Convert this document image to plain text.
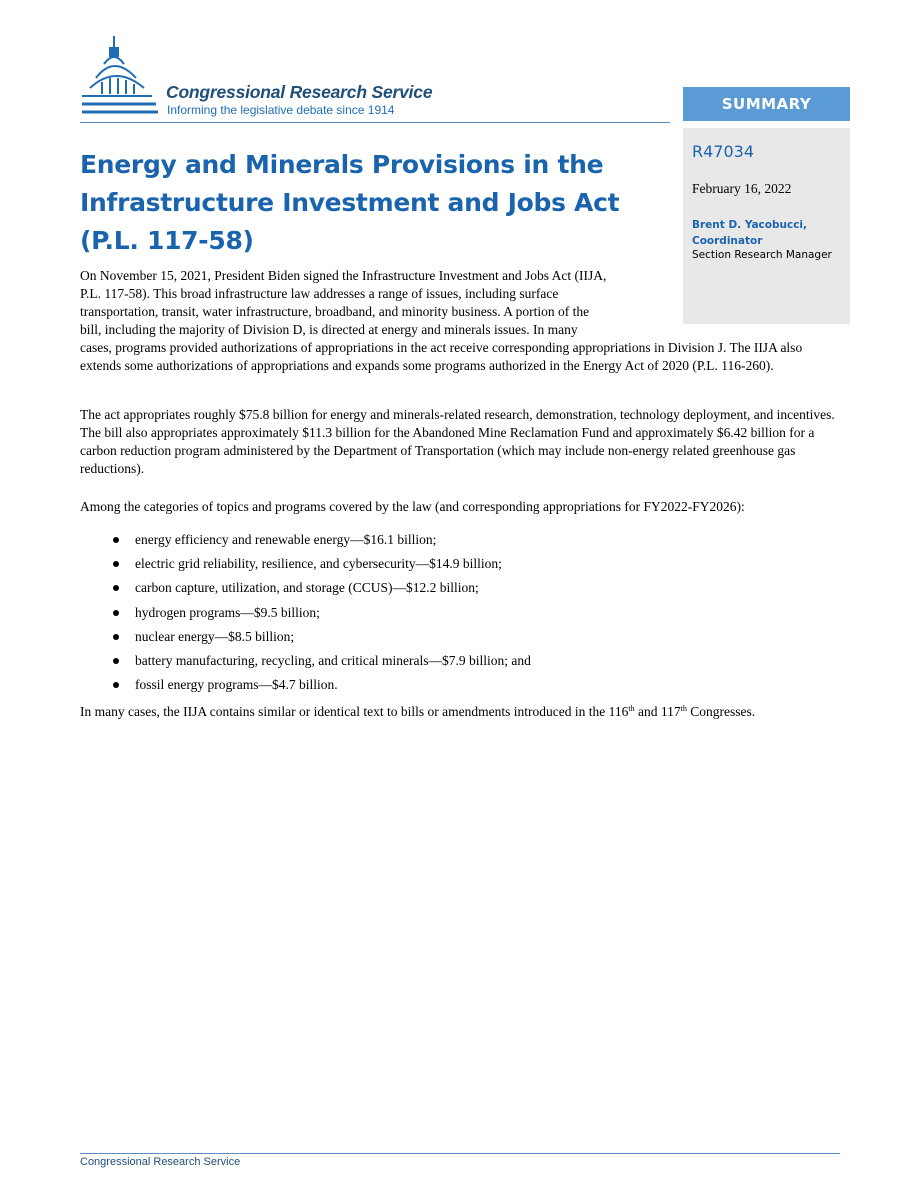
Congressional Research Service
Informing the legislative debate since 1914
Energy and Minerals Provisions in the
Infrastructure Investment and Jobs Act
(P.L. 117-58)
SUMMARY
R47034
February 16, 2022
Brent D. Yacobucci,
Coordinator
Section Research Manager
On November 15, 2021, President Biden signed the Infrastructure Investment and Jobs Act (IIJA,
P.L. 117-58). This broad infrastructure law addresses a range of issues, including surface
transportation, transit, water infrastructure, broadband, and minority business. A portion of the
bill, including the majority of Division D, is directed at energy and minerals issues. In many

cases, programs provided authorizations of appropriations in the act receive corresponding appropriations in Division J. The IIJA also extends some authorizations of appropriations and expands some programs authorized in the Energy Act of 2020 (P.L. 116-260).

The act appropriates roughly $75.8 billion for energy and minerals-related research, demonstration, technology deployment, and incentives. The bill also appropriates approximately $11.3 billion for the Abandoned Mine Reclamation Fund and approximately $6.42 billion for a carbon reduction program administered by the Department of Transportation (which may include non-energy related greenhouse gas reductions).

Among the categories of topics and programs covered by the law (and corresponding appropriations for FY2022-FY2026):

energy efficiency and renewable energy—$16.1 billion;
electric grid reliability, resilience, and cybersecurity—$14.9 billion;
carbon capture, utilization, and storage (CCUS)—$12.2 billion;
hydrogen programs—$9.5 billion;
nuclear energy—$8.5 billion;
battery manufacturing, recycling, and critical minerals—$7.9 billion; and
fossil energy programs—$4.7 billion.

In many cases, the IIJA contains similar or identical text to bills or amendments introduced in the 116th and 117th Congresses.

Congressional Research Service
